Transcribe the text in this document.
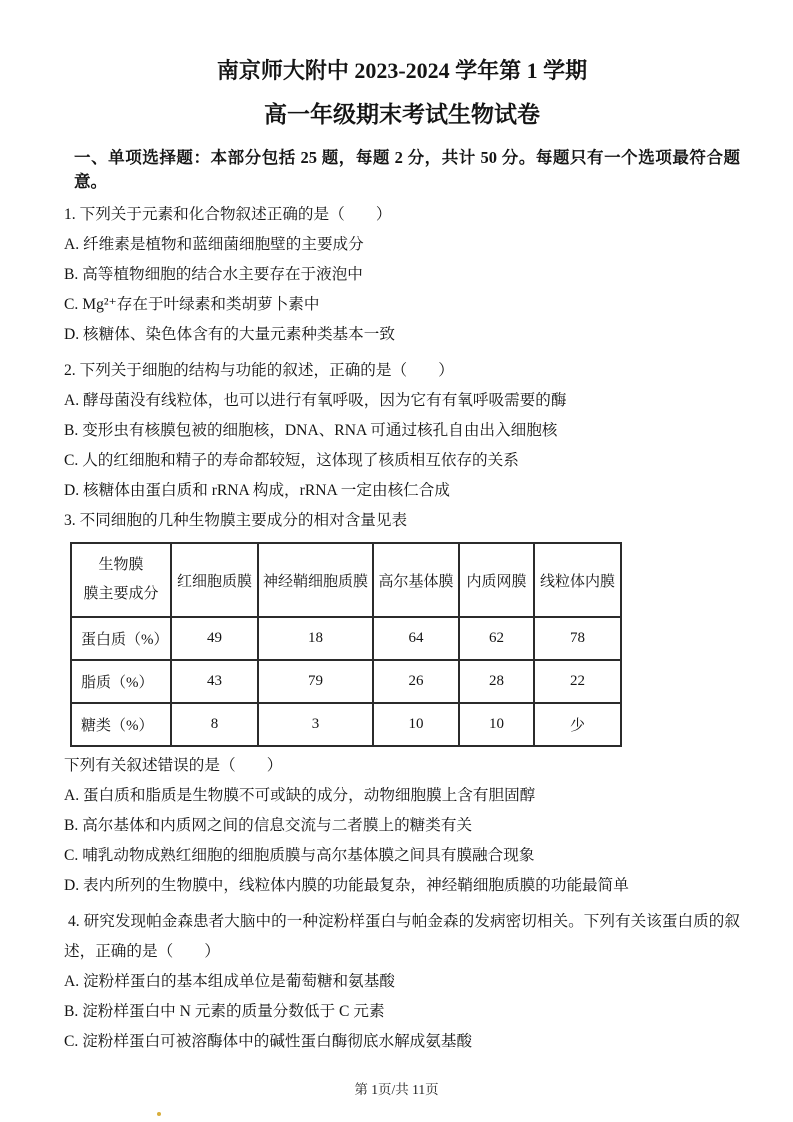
南京师大附中 2023-2024 学年第 1 学期
高一年级期末考试生物试卷
一、单项选择题：本部分包括 25 题，每题 2 分，共计 50 分。每题只有一个选项最符合题意。
1. 下列关于元素和化合物叙述正确的是（　　）
A. 纤维素是植物和蓝细菌细胞壁的主要成分
B. 高等植物细胞的结合水主要存在于液泡中
C. Mg²⁺存在于叶绿素和类胡萝卜素中
D. 核糖体、染色体含有的大量元素种类基本一致
2. 下列关于细胞的结构与功能的叙述，正确的是（　　）
A. 酵母菌没有线粒体，也可以进行有氧呼吸，因为它有有氧呼吸需要的酶
B. 变形虫有核膜包被的细胞核，DNA、RNA 可通过核孔自由出入细胞核
C. 人的红细胞和精子的寿命都较短，这体现了核质相互依存的关系
D. 核糖体由蛋白质和 rRNA 构成，rRNA 一定由核仁合成
3. 不同细胞的几种生物膜主要成分的相对含量见表
生物膜
膜主要成分	红细胞质膜	神经鞘细胞质膜	高尔基体膜	内质网膜	线粒体内膜
蛋白质（%）	49	18	64	62	78
脂质（%）	43	79	26	28	22
糖类（%）	8	3	10	10	少
下列有关叙述错误的是（　　）
A. 蛋白质和脂质是生物膜不可或缺的成分，动物细胞膜上含有胆固醇
B. 高尔基体和内质网之间的信息交流与二者膜上的糖类有关
C. 哺乳动物成熟红细胞的细胞质膜与高尔基体膜之间具有膜融合现象
D. 表内所列的生物膜中，线粒体内膜的功能最复杂，神经鞘细胞质膜的功能最简单
4. 研究发现帕金森患者大脑中的一种淀粉样蛋白与帕金森的发病密切相关。下列有关该蛋白质的叙述，正确的是（　　）
A. 淀粉样蛋白的基本组成单位是葡萄糖和氨基酸
B. 淀粉样蛋白中 N 元素的质量分数低于 C 元素
C. 淀粉样蛋白可被溶酶体中的碱性蛋白酶彻底水解成氨基酸
第 1页/共 11页
